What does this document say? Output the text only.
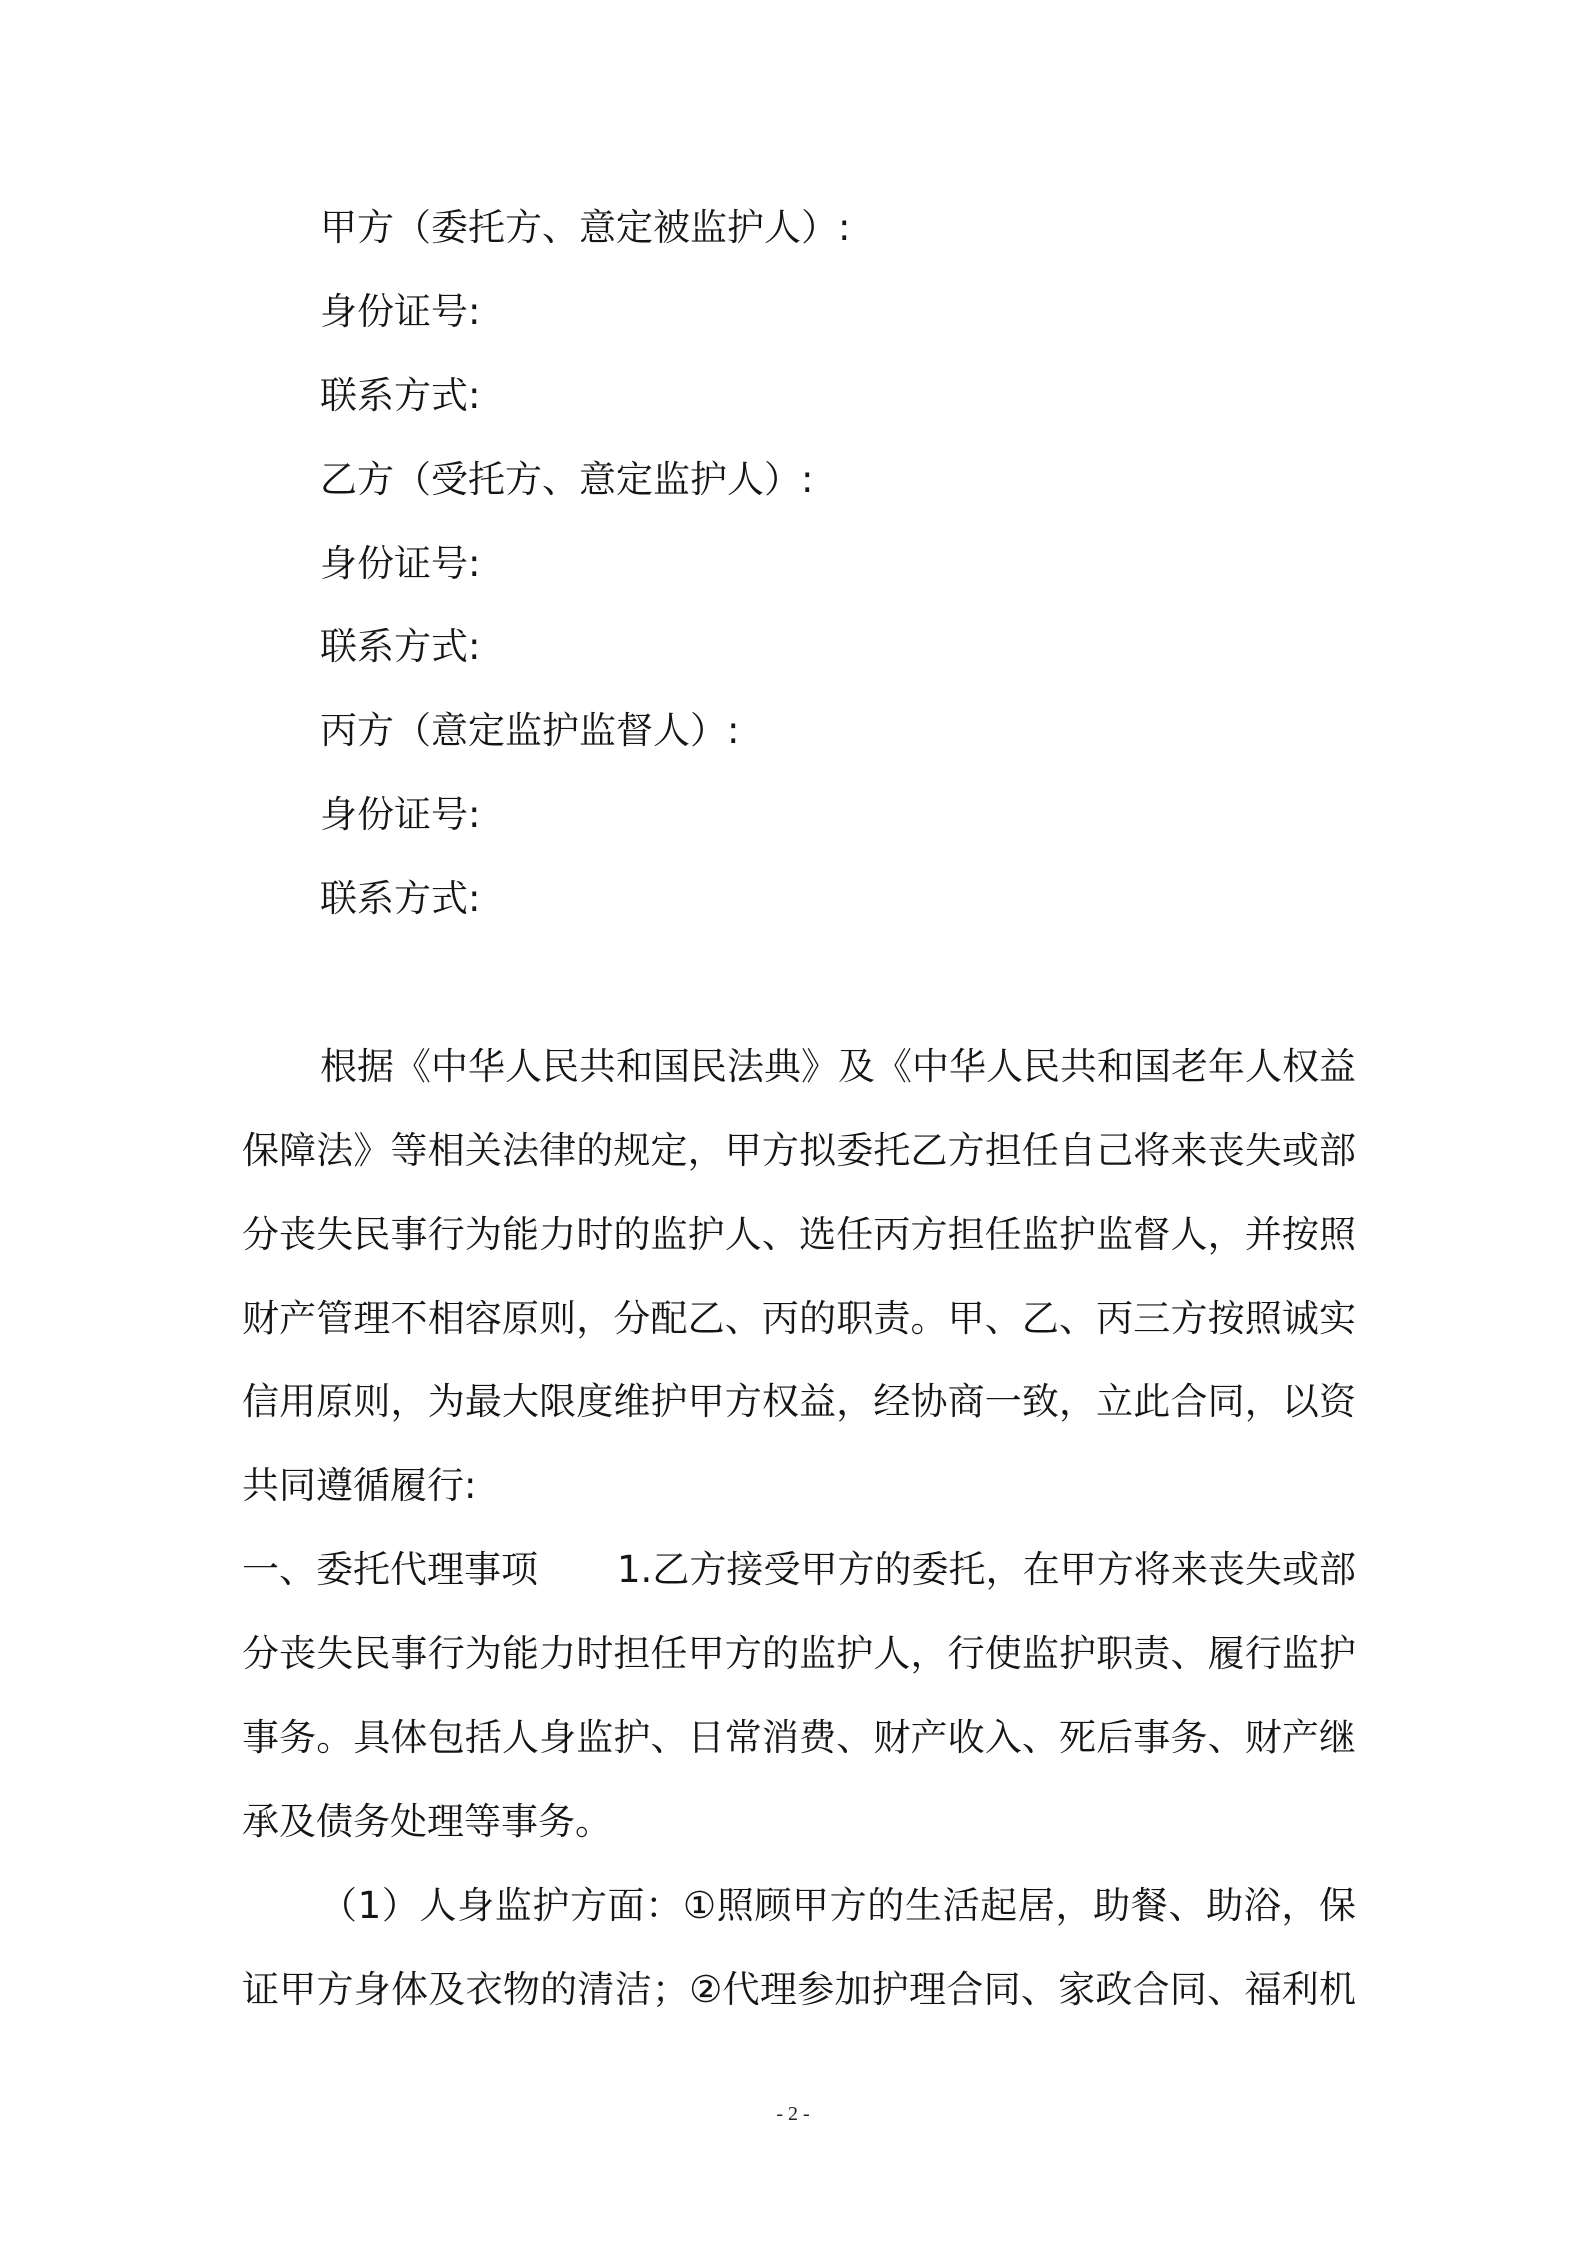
甲方（委托方、意定被监护人）:
身份证号:
联系方式:
乙方（受托方、意定监护人）:
身份证号:
联系方式:
丙方（意定监护监督人）:
身份证号:
联系方式:
根据《中华人民共和国民法典》及《中华人民共和国老年人权益
保障法》等相关法律的规定，甲方拟委托乙方担任自己将来丧失或部
分丧失民事行为能力时的监护人、选任丙方担任监护监督人，并按照
财产管理不相容原则，分配乙、丙的职责。甲、乙、丙三方按照诚实
信用原则，为最大限度维护甲方权益，经协商一致，立此合同，以资
共同遵循履行:
一、委托代理事项 1.乙方接受甲方的委托，在甲方将来丧失或部
分丧失民事行为能力时担任甲方的监护人，行使监护职责、履行监护
事务。具体包括人身监护、日常消费、财产收入、死后事务、财产继
承及债务处理等事务。
（1）人身监护方面：①照顾甲方的生活起居，助餐、助浴，保
证甲方身体及衣物的清洁；②代理参加护理合同、家政合同、福利机
- 2 -
